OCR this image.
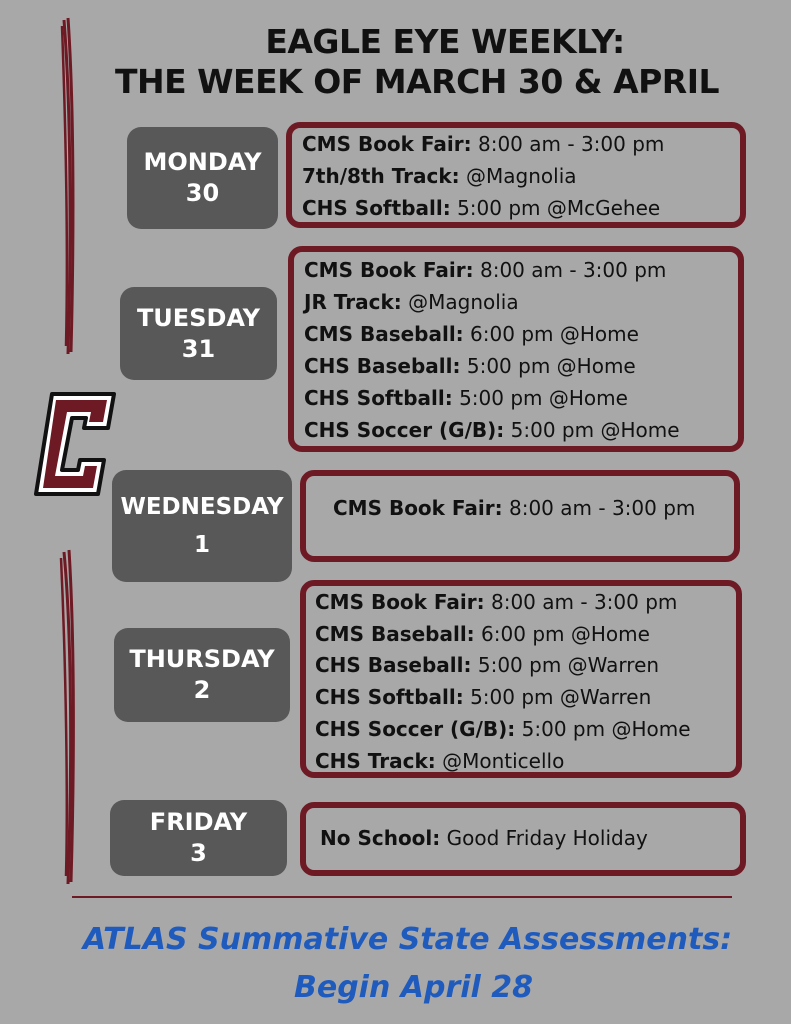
EAGLE EYE WEEKLY:
THE WEEK OF MARCH 30 & APRIL
MONDAY
30
CMS Book Fair: 8:00 am - 3:00 pm
7th/8th Track: @Magnolia
CHS Softball: 5:00 pm @McGehee
TUESDAY
31
CMS Book Fair: 8:00 am - 3:00 pm
JR Track: @Magnolia
CMS Baseball: 6:00 pm @Home
CHS Baseball: 5:00 pm @Home
CHS Softball: 5:00 pm @Home
CHS Soccer (G/B): 5:00 pm @Home
WEDNESDAY
1
CMS Book Fair: 8:00 am - 3:00 pm
THURSDAY
2
CMS Book Fair: 8:00 am - 3:00 pm
CMS Baseball: 6:00 pm @Home
CHS Baseball: 5:00 pm @Warren
CHS Softball: 5:00 pm @Warren
CHS Soccer (G/B): 5:00 pm @Home
CHS Track: @Monticello
FRIDAY
3
No School: Good Friday Holiday
ATLAS Summative State Assessments:
Begin April 28
